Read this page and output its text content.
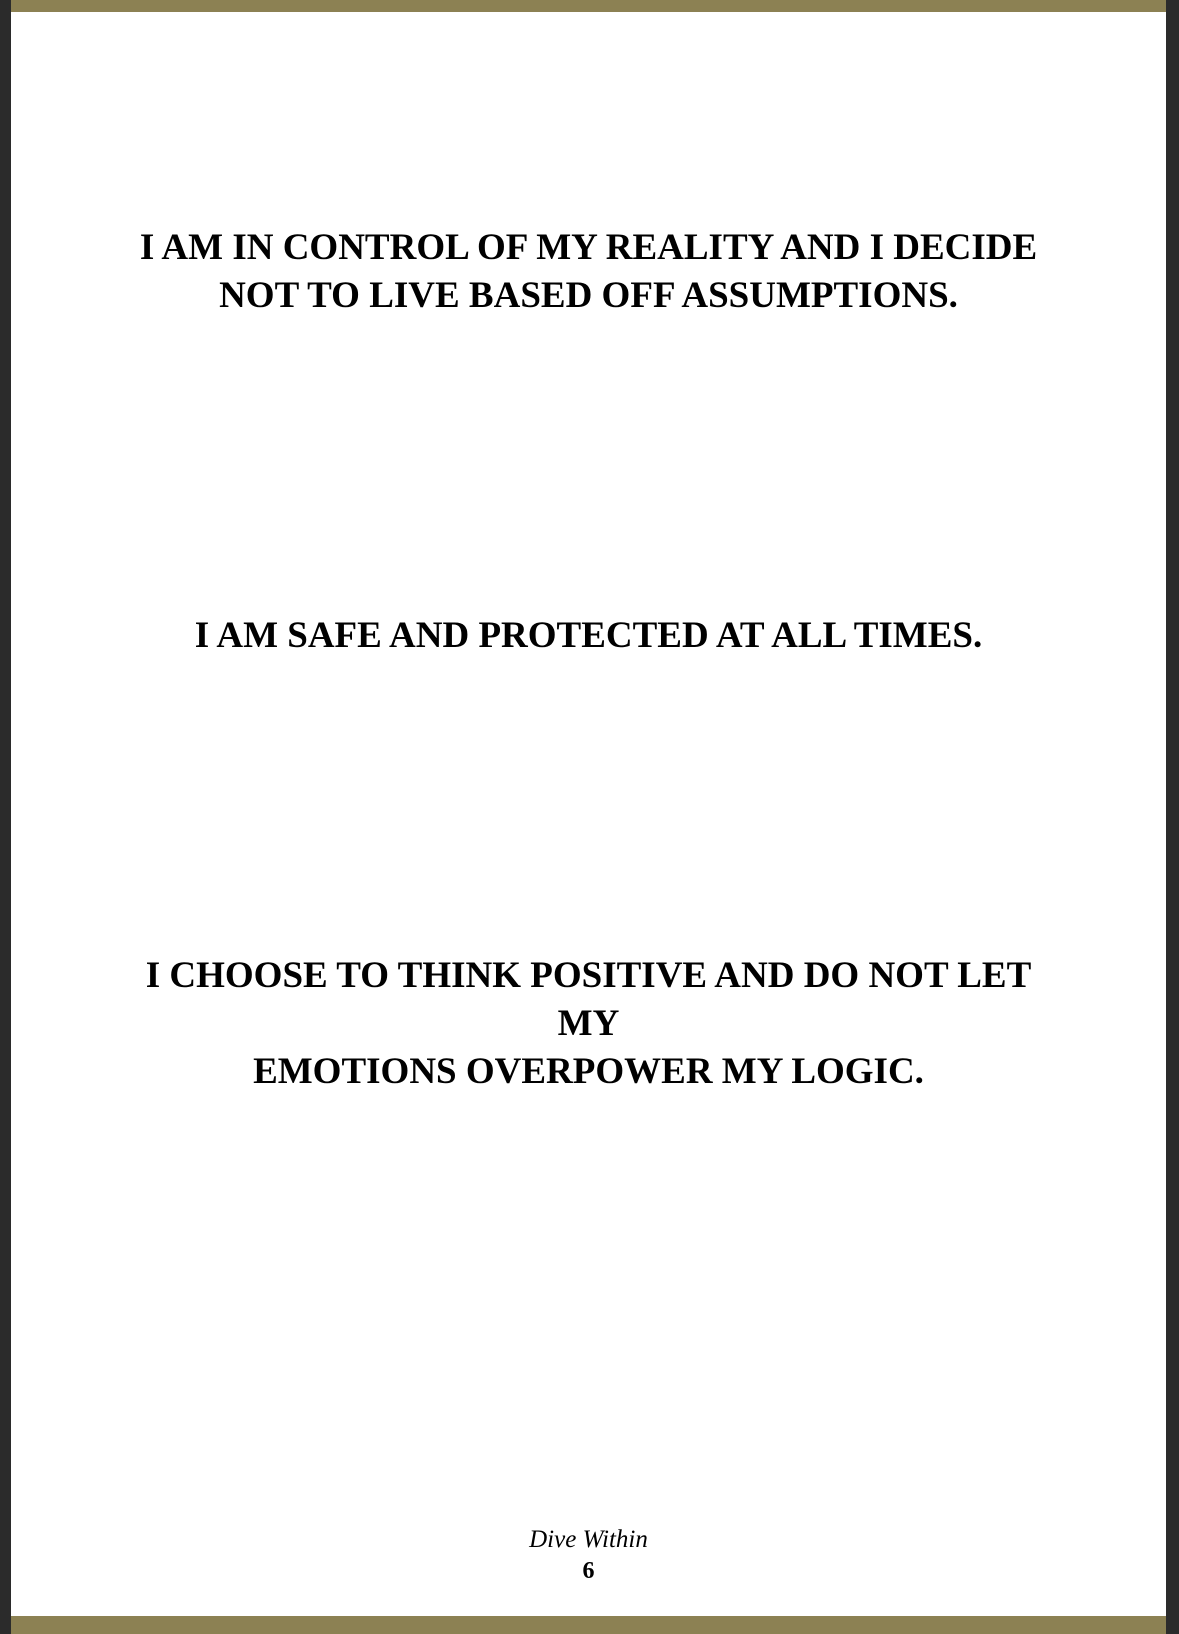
I AM IN CONTROL OF MY REALITY AND I DECIDE
NOT TO LIVE BASED OFF ASSUMPTIONS.

I AM SAFE AND PROTECTED AT ALL TIMES.

I CHOOSE TO THINK POSITIVE AND DO NOT LET
MY
EMOTIONS OVERPOWER MY LOGIC.

Dive Within
6
